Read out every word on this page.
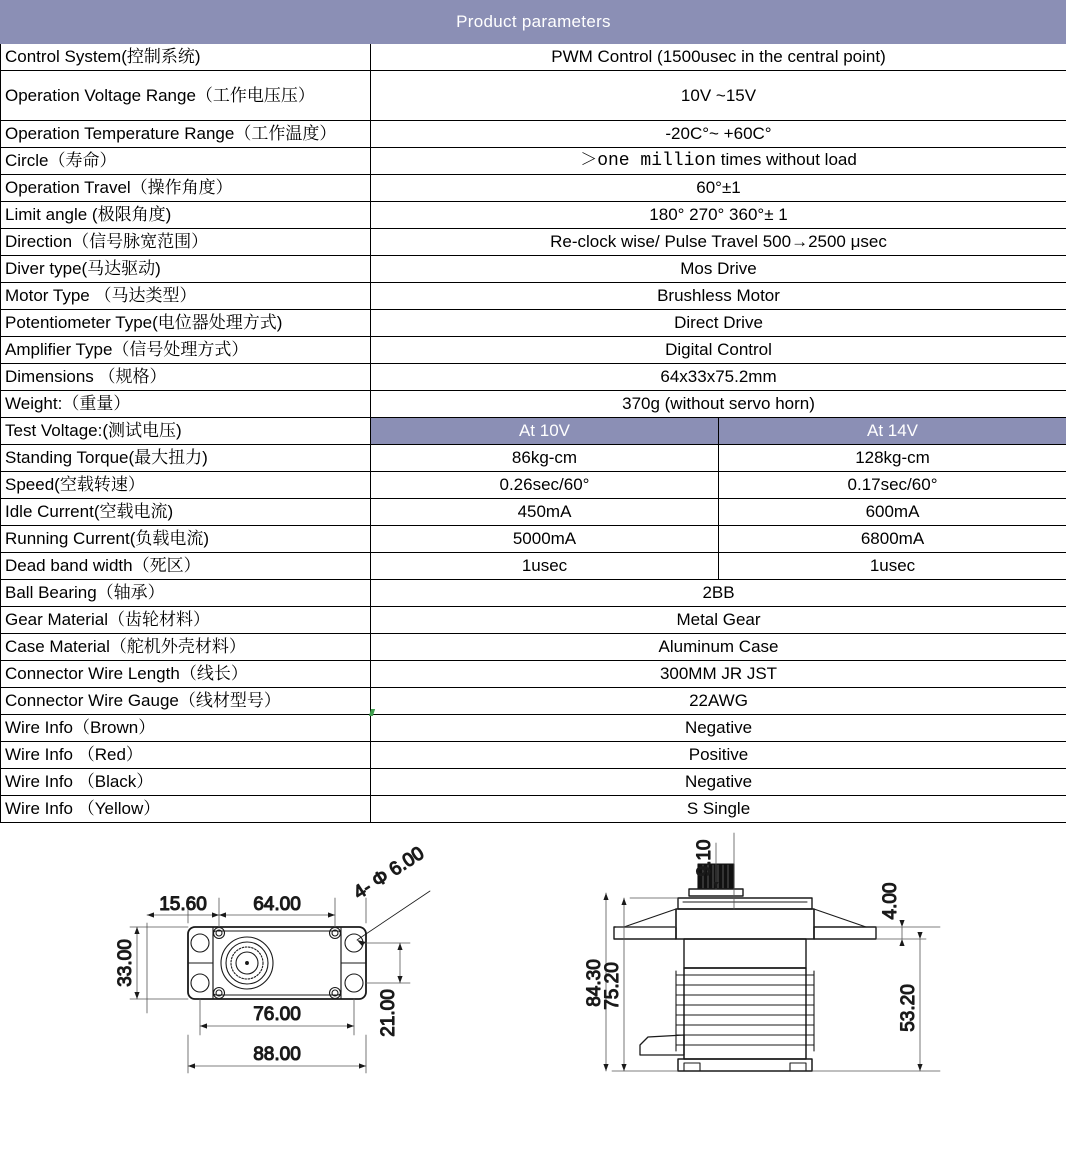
Product parameters		
Control System(控制系统)	PWM Control (1500usec in the central point)	
Operation Voltage Range（工作电压压）	10V ~15V	
Operation Temperature Range（工作温度）	-20C°~ +60C°	
Circle（寿命）	＞one million times without load	
Operation Travel（操作角度）	60°±1	
Limit angle (极限角度)	180° 270° 360°± 1	
Direction（信号脉宽范围）	Re-clock wise/ Pulse Travel 500→2500 μsec	
Diver type(马达驱动)	Mos Drive	
Motor Type （马达类型）	Brushless Motor	
Potentiometer Type(电位器处理方式)	Direct Drive	
Amplifier Type（信号处理方式）	Digital Control	
Dimensions （规格）	64x33x75.2mm	
Weight:（重量）	370g (without servo horn)	
Test Voltage:(测试电压)	At 10V	At 14V
Standing Torque(最大扭力)	86kg-cm	128kg-cm
Speed(空载转速）	0.26sec/60°	0.17sec/60°
Idle Current(空载电流)	450mA	600mA
Running Current(负载电流)	5000mA	6800mA
Dead band width（死区）	1usec	1usec
Ball Bearing（轴承）	2BB	
Gear Material（齿轮材料）	Metal Gear	
Case Material（舵机外壳材料）	Aluminum Case	
Connector Wire Length（线长）	300MM JR JST	
Connector Wire Gauge（线材型号）	22AWG	
Wire Info（Brown）	Negative	
Wire Info （Red）	Positive	
Wire Info （Black）	Negative	
Wire Info （Yellow）	S Single	
15.60 64.00
33.00
76.00
88.00
21.00
4- Φ 6.00	9.10
84.30
75.20
4.00
53.20
